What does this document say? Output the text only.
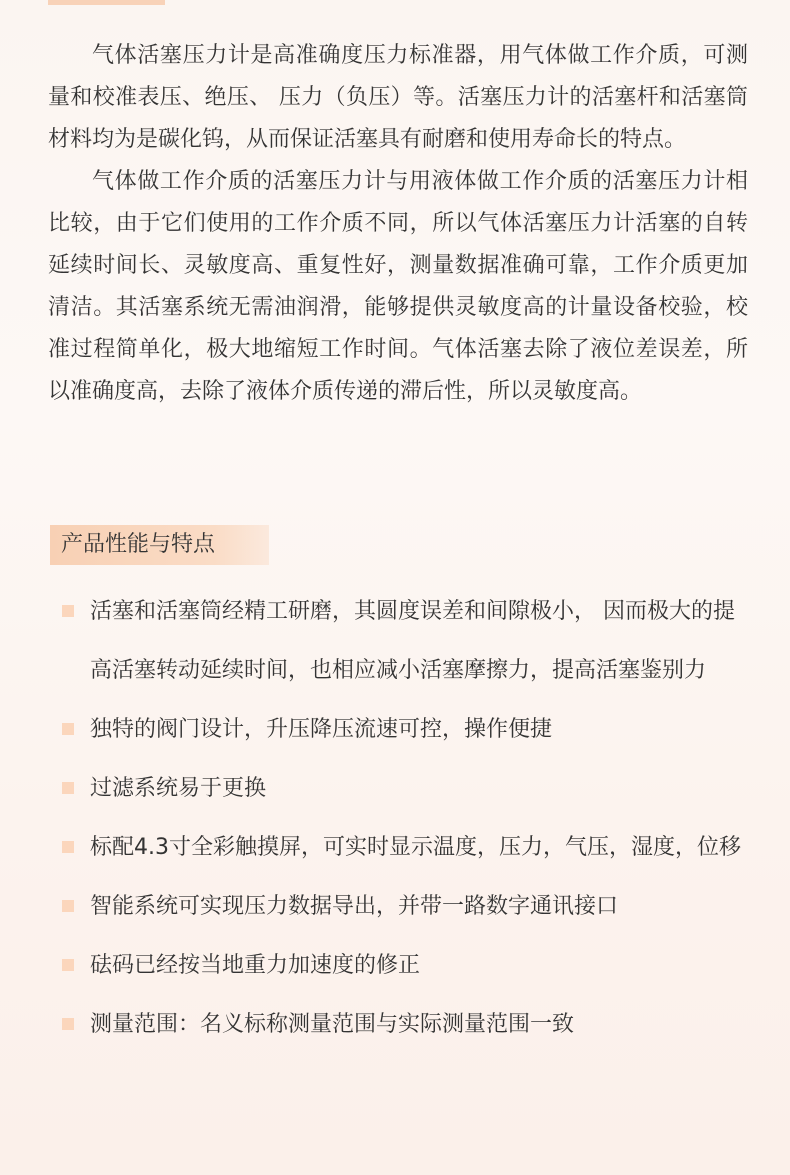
气体活塞压力计是高准确度压力标准器，用气体做工作介质，可测量和校准表压、绝压、 压力（负压）等。活塞压力计的活塞杆和活塞筒材料均为是碳化钨，从而保证活塞具有耐磨和使用寿命长的特点。

气体做工作介质的活塞压力计与用液体做工作介质的活塞压力计相比较，由于它们使用的工作介质不同，所以气体活塞压力计活塞的自转延续时间长、灵敏度高、重复性好，测量数据准确可靠，工作介质更加清洁。其活塞系统无需油润滑，能够提供灵敏度高的计量设备校验，校准过程简单化，极大地缩短工作时间。气体活塞去除了液位差误差，所以准确度高，去除了液体介质传递的滞后性，所以灵敏度高。

产品性能与特点
活塞和活塞筒经精工研磨，其圆度误差和间隙极小， 因而极大的提高活塞转动延续时间，也相应减小活塞摩擦力，提高活塞鉴别力
独特的阀门设计，升压降压流速可控，操作便捷
过滤系统易于更换
标配4.3寸全彩触摸屏，可实时显示温度，压力，气压，湿度，位移
智能系统可实现压力数据导出，并带一路数字通讯接口
砝码已经按当地重力加速度的修正
测量范围：名义标称测量范围与实际测量范围一致
